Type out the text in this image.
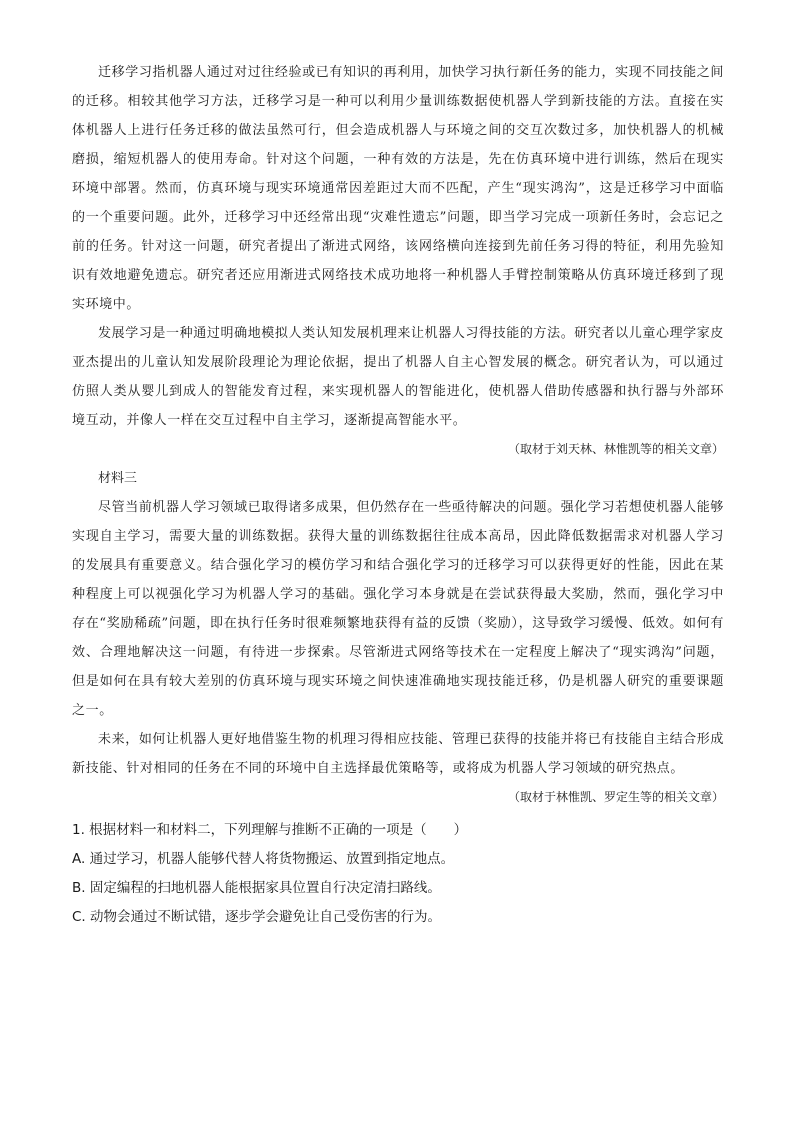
迁移学习指机器人通过对过往经验或已有知识的再利用，加快学习执行新任务的能力，实现不同技能之间的迁移。相较其他学习方法，迁移学习是一种可以利用少量训练数据使机器人学到新技能的方法。直接在实体机器人上进行任务迁移的做法虽然可行，但会造成机器人与环境之间的交互次数过多，加快机器人的机械磨损，缩短机器人的使用寿命。针对这个问题，一种有效的方法是，先在仿真环境中进行训练，然后在现实环境中部署。然而，仿真环境与现实环境通常因差距过大而不匹配，产生“现实鸿沟”，这是迁移学习中面临的一个重要问题。此外，迁移学习中还经常出现“灾难性遗忘”问题，即当学习完成一项新任务时，会忘记之前的任务。针对这一问题，研究者提出了渐进式网络，该网络横向连接到先前任务习得的特征，利用先验知识有效地避免遗忘。研究者还应用渐进式网络技术成功地将一种机器人手臂控制策略从仿真环境迁移到了现实环境中。

发展学习是一种通过明确地模拟人类认知发展机理来让机器人习得技能的方法。研究者以儿童心理学家皮亚杰提出的儿童认知发展阶段理论为理论依据，提出了机器人自主心智发展的概念。研究者认为，可以通过仿照人类从婴儿到成人的智能发育过程，来实现机器人的智能进化，使机器人借助传感器和执行器与外部环境互动，并像人一样在交互过程中自主学习，逐渐提高智能水平。

（取材于刘天林、林惟凯等的相关文章）

材料三

尽管当前机器人学习领域已取得诸多成果，但仍然存在一些亟待解决的问题。强化学习若想使机器人能够实现自主学习，需要大量的训练数据。获得大量的训练数据往往成本高昂，因此降低数据需求对机器人学习的发展具有重要意义。结合强化学习的模仿学习和结合强化学习的迁移学习可以获得更好的性能，因此在某种程度上可以视强化学习为机器人学习的基础。强化学习本身就是在尝试获得最大奖励，然而，强化学习中存在“奖励稀疏”问题，即在执行任务时很难频繁地获得有益的反馈（奖励），这导致学习缓慢、低效。如何有效、合理地解决这一问题，有待进一步探索。尽管渐进式网络等技术在一定程度上解决了“现实鸿沟”问题，但是如何在具有较大差别的仿真环境与现实环境之间快速准确地实现技能迁移，仍是机器人研究的重要课题之一。

未来，如何让机器人更好地借鉴生物的机理习得相应技能、管理已获得的技能并将已有技能自主结合形成新技能、针对相同的任务在不同的环境中自主选择最优策略等，或将成为机器人学习领域的研究热点。

（取材于林惟凯、罗定生等的相关文章）

1. 根据材料一和材料二，下列理解与推断不正确的一项是（　　）

A. 通过学习，机器人能够代替人将货物搬运、放置到指定地点。

B. 固定编程的扫地机器人能根据家具位置自行决定清扫路线。

C. 动物会通过不断试错，逐步学会避免让自己受伤害的行为。
